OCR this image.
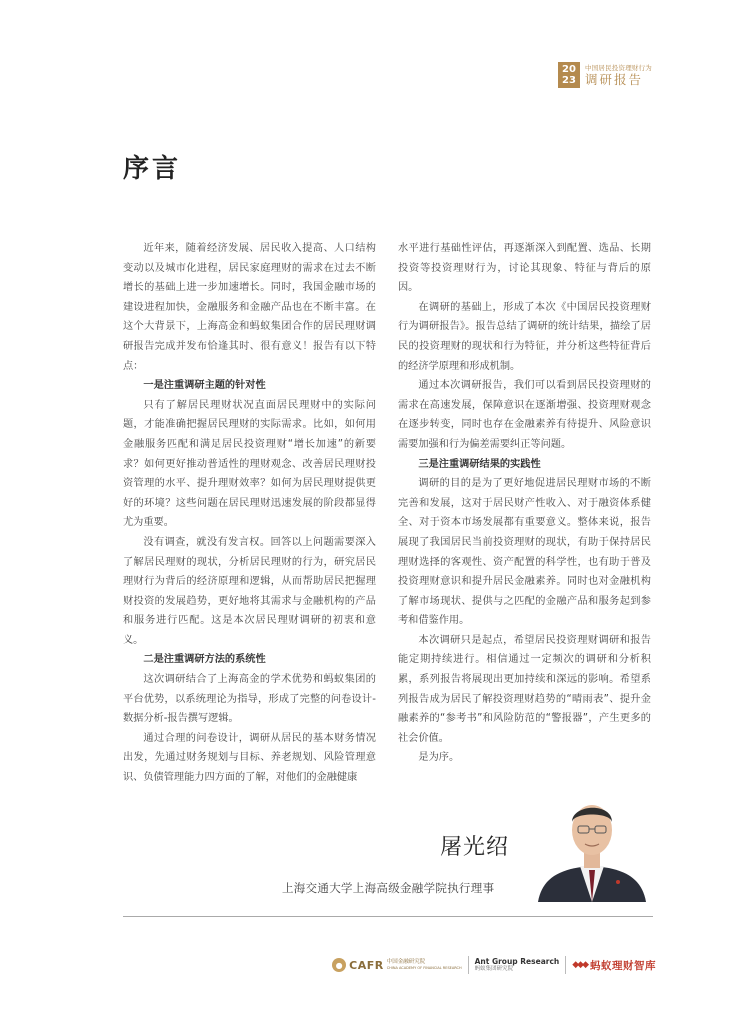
20
23
中国居民投资理财行为
调研报告
序言

近年来，随着经济发展、居民收入提高、人口结构变动以及城市化进程，居民家庭理财的需求在过去不断增长的基础上进一步加速增长。同时，我国金融市场的建设进程加快，金融服务和金融产品也在不断丰富。在这个大背景下，上海高金和蚂蚁集团合作的居民理财调研报告完成并发布恰逢其时、很有意义！报告有以下特点：

一是注重调研主题的针对性

只有了解居民理财状况直面居民理财中的实际问题，才能准确把握居民理财的实际需求。比如，如何用金融服务匹配和满足居民投资理财“增长加速”的新要求？如何更好推动普适性的理财观念、改善居民理财投资管理的水平、提升理财效率？如何为居民理财提供更好的环境？这些问题在居民理财迅速发展的阶段都显得尤为重要。

没有调查，就没有发言权。回答以上问题需要深入了解居民理财的现状，分析居民理财的行为，研究居民理财行为背后的经济原理和逻辑，从而帮助居民把握理财投资的发展趋势，更好地将其需求与金融机构的产品和服务进行匹配。这是本次居民理财调研的初衷和意义。

二是注重调研方法的系统性

这次调研结合了上海高金的学术优势和蚂蚁集团的平台优势，以系统理论为指导，形成了完整的问卷设计-数据分析-报告撰写逻辑。

通过合理的问卷设计，调研从居民的基本财务情况出发，先通过财务规划与目标、养老规划、风险管理意识、负债管理能力四方面的了解，对他们的金融健康

水平进行基础性评估，再逐渐深入到配置、选品、长期投资等投资理财行为，讨论其现象、特征与背后的原因。

在调研的基础上，形成了本次《中国居民投资理财行为调研报告》。报告总结了调研的统计结果，描绘了居民的投资理财的现状和行为特征，并分析这些特征背后的经济学原理和形成机制。

通过本次调研报告，我们可以看到居民投资理财的需求在高速发展，保障意识在逐渐增强、投资理财观念在逐步转变，同时也存在金融素养有待提升、风险意识需要加强和行为偏差需要纠正等问题。

三是注重调研结果的实践性

调研的目的是为了更好地促进居民理财市场的不断完善和发展，这对于居民财产性收入、对于融资体系健全、对于资本市场发展都有重要意义。整体来说，报告展现了我国居民当前投资理财的现状，有助于保持居民理财选择的客观性、资产配置的科学性，也有助于普及投资理财意识和提升居民金融素养。同时也对金融机构了解市场现状、提供与之匹配的金融产品和服务起到参考和借鉴作用。

本次调研只是起点，希望居民投资理财调研和报告能定期持续进行。相信通过一定频次的调研和分析积累，系列报告将展现出更加持续和深远的影响。希望系列报告成为居民了解投资理财趋势的“晴雨表”、提升金融素养的“参考书”和风险防范的“警报器”，产生更多的社会价值。

是为序。

屠光绍
上海交通大学上海高级金融学院执行理事
● CAFR 中国金融研究院
CHINA ACADEMY OF FINANCIAL RESEARCH
Ant Group Research
蚂蚁集团研究院	◆◆◆ 蚂蚁理财智库
